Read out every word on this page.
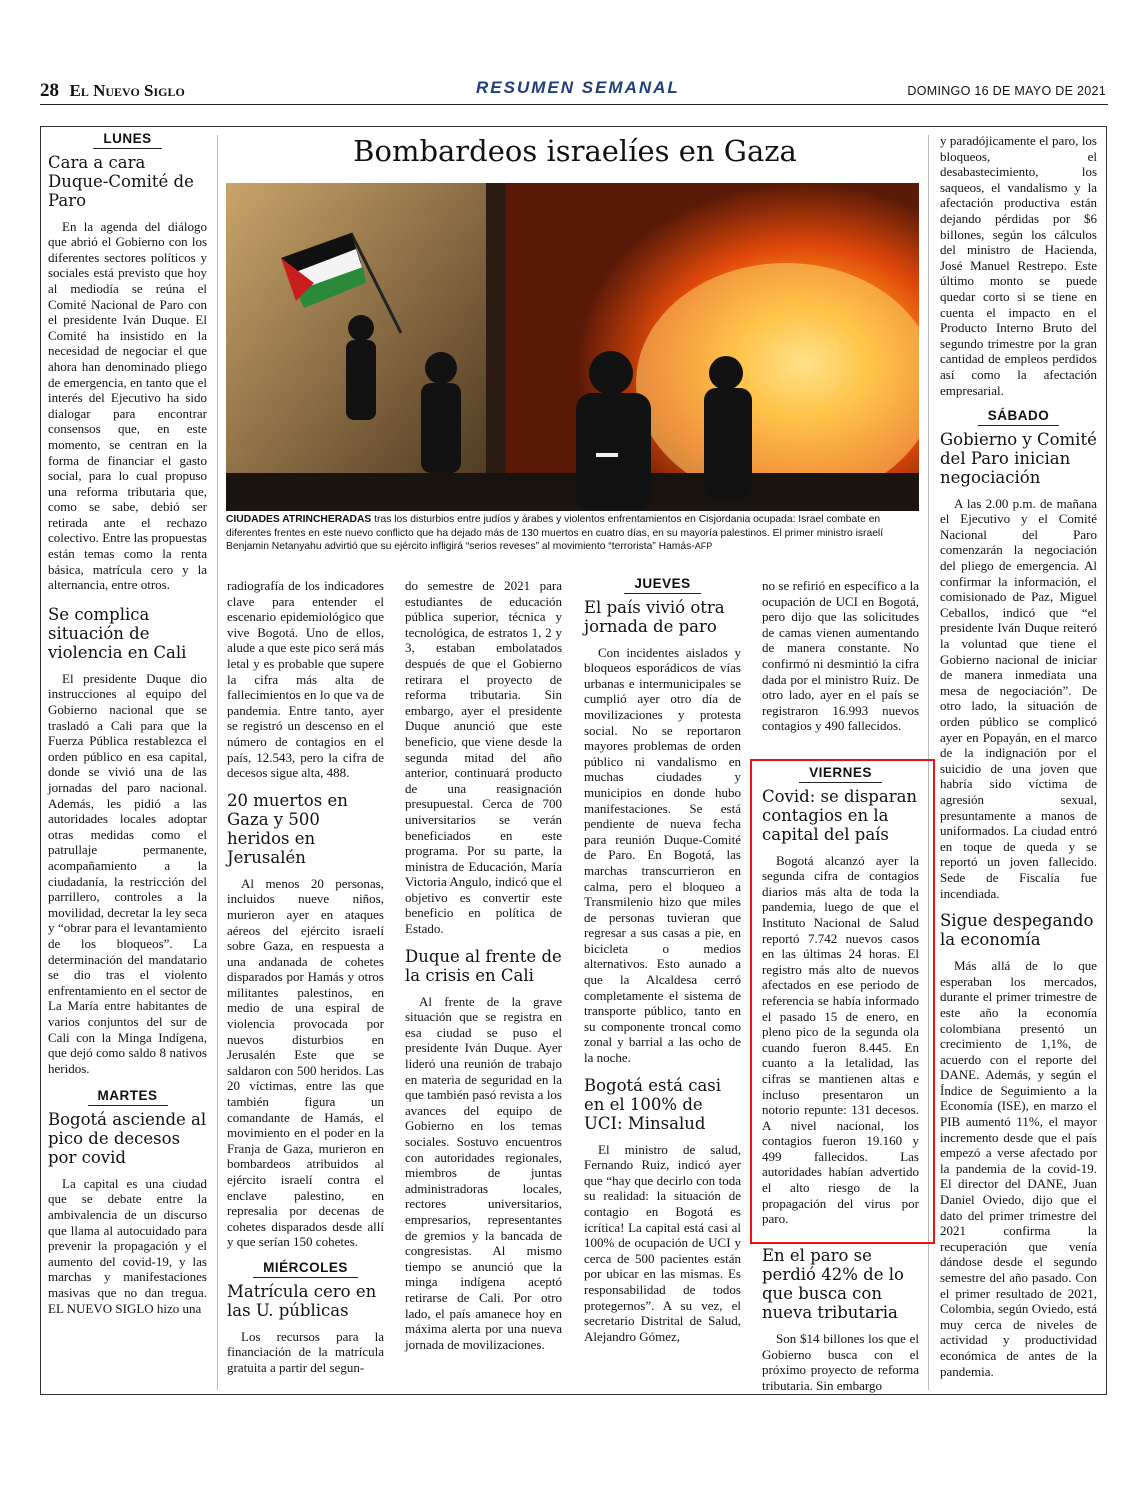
28 El Nuevo Siglo	RESUMEN SEMANAL	DOMINGO 16 DE MAYO DE 2021
Bombardeos israelíes en Gaza
CIUDADES ATRINCHERADAS tras los disturbios entre judíos y árabes y violentos enfrentamientos en Cisjordania ocupada: Israel combate en diferentes frentes en este nuevo conflicto que ha dejado más de 130 muertos en cuatro días, en su mayoría palestinos. El primer ministro israelí Benjamin Netanyahu advirtió que su ejército infligirá “serios reveses” al movimiento “terrorista” Hamás-AFP
LUNES
Cara a cara Duque-Comité de Paro

En la agenda del diálogo que abrió el Gobierno con los diferentes sectores políticos y sociales está previsto que hoy al mediodía se reúna el Comité Nacional de Paro con el presidente Iván Duque. El Comité ha insistido en la necesidad de negociar el que ahora han denominado pliego de emergencia, en tanto que el interés del Ejecutivo ha sido dialogar para encontrar consensos que, en este momento, se centran en la forma de financiar el gasto social, para lo cual propuso una reforma tributaria que, como se sabe, debió ser retirada ante el rechazo colectivo. Entre las propuestas están temas como la renta básica, matrícula cero y la alternancia, entre otros.

Se complica situación de violencia en Cali

El presidente Duque dio instrucciones al equipo del Gobierno nacional que se trasladó a Cali para que la Fuerza Pública restablezca el orden público en esa capital, donde se vivió una de las jornadas del paro nacional. Además, les pidió a las autoridades locales adoptar otras medidas como el patrullaje permanente, acompañamiento a la ciudadanía, la restricción del parrillero, controles a la movilidad, decretar la ley seca y “obrar para el levantamiento de los bloqueos”. La determinación del mandatario se dio tras el violento enfrentamiento en el sector de La María entre habitantes de varios conjuntos del sur de Cali con la Minga Indígena, que dejó como saldo 8 nativos heridos.

MARTES
Bogotá asciende al pico de decesos por covid

La capital es una ciudad que se debate entre la ambivalencia de un discurso que llama al autocuidado para prevenir la propagación y el aumento del covid-19, y las marchas y manifestaciones masivas que no dan tregua. EL NUEVO SIGLO hizo una

radiografía de los indicadores clave para entender el escenario epidemiológico que vive Bogotá. Uno de ellos, alude a que este pico será más letal y es probable que supere la cifra más alta de fallecimientos en lo que va de pandemia. Entre tanto, ayer se registró un descenso en el número de contagios en el país, 12.543, pero la cifra de decesos sigue alta, 488.

20 muertos en Gaza y 500 heridos en Jerusalén

Al menos 20 personas, incluidos nueve niños, murieron ayer en ataques aéreos del ejército israelí sobre Gaza, en respuesta a una andanada de cohetes disparados por Hamás y otros militantes palestinos, en medio de una espiral de violencia provocada por nuevos disturbios en Jerusalén Este que se saldaron con 500 heridos. Las 20 víctimas, entre las que también figura un comandante de Hamás, el movimiento en el poder en la Franja de Gaza, murieron en bombardeos atribuidos al ejército israelí contra el enclave palestino, en represalia por decenas de cohetes disparados desde allí y que serían 150 cohetes.

MIÉRCOLES
Matrícula cero en las U. públicas

Los recursos para la financiación de la matrícula gratuita a partir del segun-

do semestre de 2021 para estudiantes de educación pública superior, técnica y tecnológica, de estratos 1, 2 y 3, estaban embolatados después de que el Gobierno retirara el proyecto de reforma tributaria. Sin embargo, ayer el presidente Duque anunció que este beneficio, que viene desde la segunda mitad del año anterior, continuará producto de una reasignación presupuestal. Cerca de 700 universitarios se verán beneficiados en este programa. Por su parte, la ministra de Educación, María Victoria Angulo, indicó que el objetivo es convertir este beneficio en política de Estado.

Duque al frente de la crisis en Cali

Al frente de la grave situación que se registra en esa ciudad se puso el presidente Iván Duque. Ayer lideró una reunión de trabajo en materia de seguridad en la que también pasó revista a los avances del equipo de Gobierno en los temas sociales. Sostuvo encuentros con autoridades regionales, miembros de juntas administradoras locales, rectores universitarios, empresarios, representantes de gremios y la bancada de congresistas. Al mismo tiempo se anunció que la minga indígena aceptó retirarse de Cali. Por otro lado, el país amanece hoy en máxima alerta por una nueva jornada de movilizaciones.

JUEVES
El país vivió otra jornada de paro

Con incidentes aislados y bloqueos esporádicos de vías urbanas e intermunicipales se cumplió ayer otro día de movilizaciones y protesta social. No se reportaron mayores problemas de orden público ni vandalismo en muchas ciudades y municipios en donde hubo manifestaciones. Se está pendiente de nueva fecha para reunión Duque-Comité de Paro. En Bogotá, las marchas transcurrieron en calma, pero el bloqueo a Transmilenio hizo que miles de personas tuvieran que regresar a sus casas a pie, en bicicleta o medios alternativos. Esto aunado a que la Alcaldesa cerró completamente el sistema de transporte público, tanto en su componente troncal como zonal y barrial a las ocho de la noche.

Bogotá está casi en el 100% de UCI: Minsalud

El ministro de salud, Fernando Ruiz, indicó ayer que “hay que decirlo con toda su realidad: la situación de contagio en Bogotá es icrítica! La capital está casi al 100% de ocupación de UCI y cerca de 500 pacientes están por ubicar en las mismas. Es responsabilidad de todos protegernos”. A su vez, el secretario Distrital de Salud, Alejandro Gómez,

no se refirió en específico a la ocupación de UCI en Bogotá, pero dijo que las solicitudes de camas vienen aumentando de manera constante. No confirmó ni desmintió la cifra dada por el ministro Ruiz. De otro lado, ayer en el país se registraron 16.993 nuevos contagios y 490 fallecidos.

VIERNES
Covid: se disparan contagios en la capital del país

Bogotá alcanzó ayer la segunda cifra de contagios diarios más alta de toda la pandemia, luego de que el Instituto Nacional de Salud reportó 7.742 nuevos casos en las últimas 24 horas. El registro más alto de nuevos afectados en ese periodo de referencia se había informado el pasado 15 de enero, en pleno pico de la segunda ola cuando fueron 8.445. En cuanto a la letalidad, las cifras se mantienen altas e incluso presentaron un notorio repunte: 131 decesos. A nivel nacional, los contagios fueron 19.160 y 499 fallecidos. Las autoridades habían advertido el alto riesgo de la propagación del virus por paro.

En el paro se perdió 42% de lo que busca con nueva tributaria

Son $14 billones los que el Gobierno busca con el próximo proyecto de reforma tributaria. Sin embargo

y paradójicamente el paro, los bloqueos, el desabastecimiento, los saqueos, el vandalismo y la afectación productiva están dejando pérdidas por $6 billones, según los cálculos del ministro de Hacienda, José Manuel Restrepo. Este último monto se puede quedar corto si se tiene en cuenta el impacto en el Producto Interno Bruto del segundo trimestre por la gran cantidad de empleos perdidos así como la afectación empresarial.

SÁBADO
Gobierno y Comité del Paro inician negociación

A las 2.00 p.m. de mañana el Ejecutivo y el Comité Nacional del Paro comenzarán la negociación del pliego de emergencia. Al confirmar la información, el comisionado de Paz, Miguel Ceballos, indicó que “el presidente Iván Duque reiteró la voluntad que tiene el Gobierno nacional de iniciar de manera inmediata una mesa de negociación”. De otro lado, la situación de orden público se complicó ayer en Popayán, en el marco de la indignación por el suicidio de una joven que habría sido víctima de agresión sexual, presuntamente a manos de uniformados. La ciudad entró en toque de queda y se reportó un joven fallecido. Sede de Fiscalía fue incendiada.

Sigue despegando la economía

Más allá de lo que esperaban los mercados, durante el primer trimestre de este año la economía colombiana presentó un crecimiento de 1,1%, de acuerdo con el reporte del DANE. Además, y según el Índice de Seguimiento a la Economía (ISE), en marzo el PIB aumentó 11%, el mayor incremento desde que el país empezó a verse afectado por la pandemia de la covid-19. El director del DANE, Juan Daniel Oviedo, dijo que el dato del primer trimestre del 2021 confirma la recuperación que venía dándose desde el segundo semestre del año pasado. Con el primer resultado de 2021, Colombia, según Oviedo, está muy cerca de niveles de actividad y productividad económica de antes de la pandemia.
